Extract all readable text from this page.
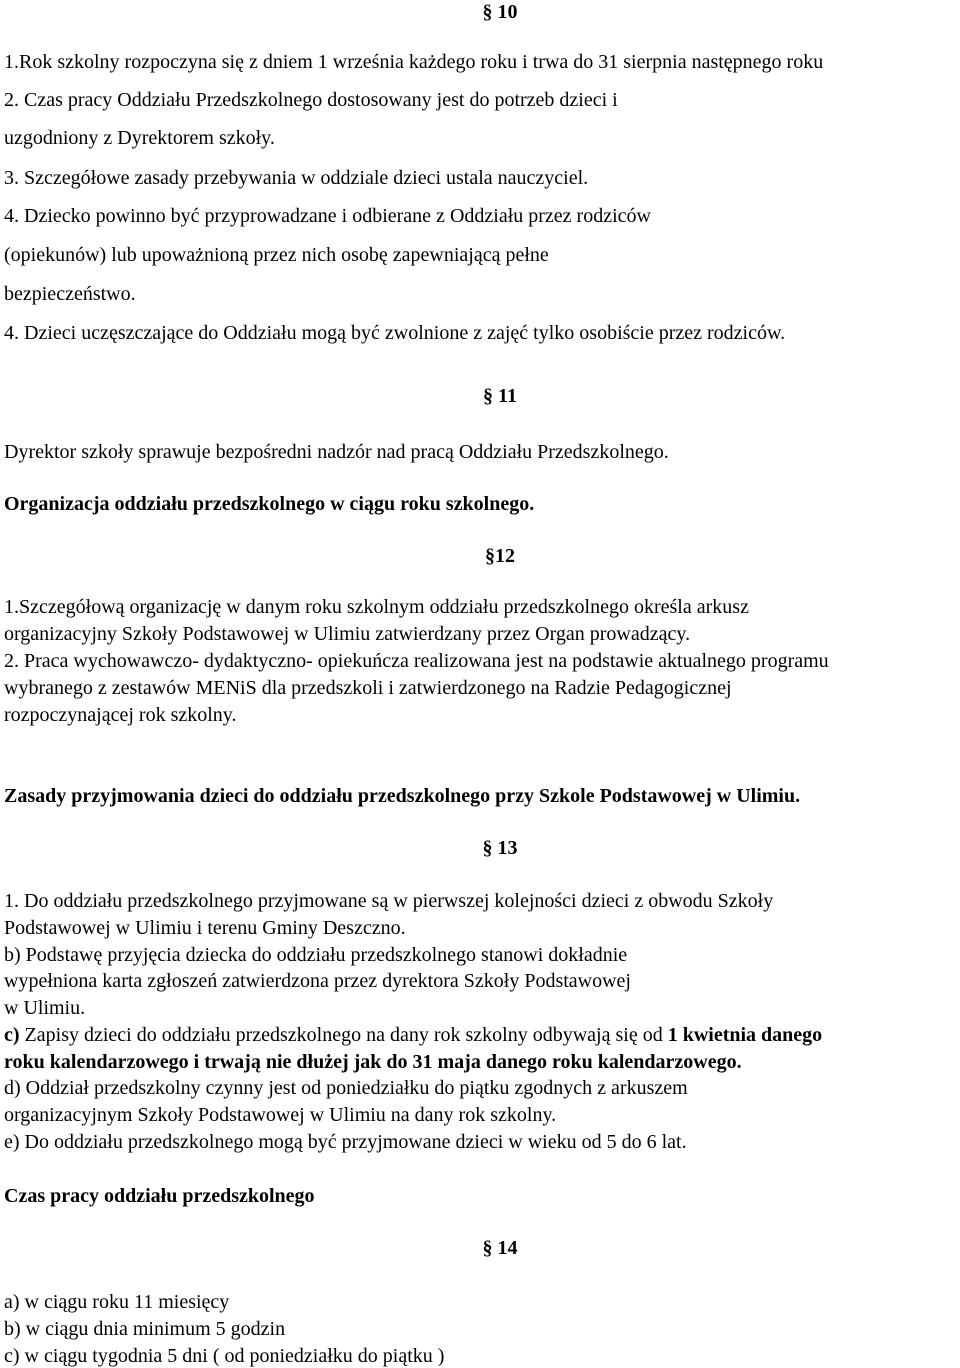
§ 10
1.Rok szkolny rozpoczyna się z dniem 1 września każdego roku i trwa do 31 sierpnia następnego roku
2. Czas pracy Oddziału Przedszkolnego dostosowany jest do potrzeb dzieci i
uzgodniony z Dyrektorem szkoły.
3. Szczegółowe zasady przebywania w oddziale dzieci ustala nauczyciel.
4. Dziecko powinno być przyprowadzane i odbierane z Oddziału przez rodziców
(opiekunów) lub upoważnioną przez nich osobę zapewniającą pełne
bezpieczeństwo.
4. Dzieci uczęszczające do Oddziału mogą być zwolnione z zajęć tylko osobiście przez rodziców.
§ 11
Dyrektor szkoły sprawuje bezpośredni nadzór nad pracą Oddziału Przedszkolnego.
Organizacja oddziału przedszkolnego w ciągu roku szkolnego.
§12
1.Szczegółową organizację w danym roku szkolnym oddziału przedszkolnego określa arkusz
organizacyjny Szkoły Podstawowej w Ulimiu zatwierdzany przez Organ prowadzący.
2. Praca wychowawczo- dydaktyczno- opiekuńcza realizowana jest na podstawie aktualnego programu
wybranego z zestawów MENiS dla przedszkoli i zatwierdzonego na Radzie Pedagogicznej
rozpoczynającej rok szkolny.
Zasady przyjmowania dzieci do oddziału przedszkolnego przy Szkole Podstawowej w Ulimiu.
§ 13
1. Do oddziału przedszkolnego przyjmowane są w pierwszej kolejności dzieci z obwodu Szkoły
Podstawowej w Ulimiu i terenu Gminy Deszczno.
b) Podstawę przyjęcia dziecka do oddziału przedszkolnego stanowi dokładnie
wypełniona karta zgłoszeń zatwierdzona przez dyrektora Szkoły Podstawowej
w Ulimiu.
c) Zapisy dzieci do oddziału przedszkolnego na dany rok szkolny odbywają się od 1 kwietnia danego
roku kalendarzowego i trwają nie dłużej jak do 31 maja danego roku kalendarzowego.
d) Oddział przedszkolny czynny jest od poniedziałku do piątku zgodnych z arkuszem
organizacyjnym Szkoły Podstawowej w Ulimiu na dany rok szkolny.
e) Do oddziału przedszkolnego mogą być przyjmowane dzieci w wieku od 5 do 6 lat.
Czas pracy oddziału przedszkolnego
§ 14
a) w ciągu roku 11 miesięcy
b) w ciągu dnia minimum 5 godzin
c) w ciągu tygodnia 5 dni ( od poniedziałku do piątku )
